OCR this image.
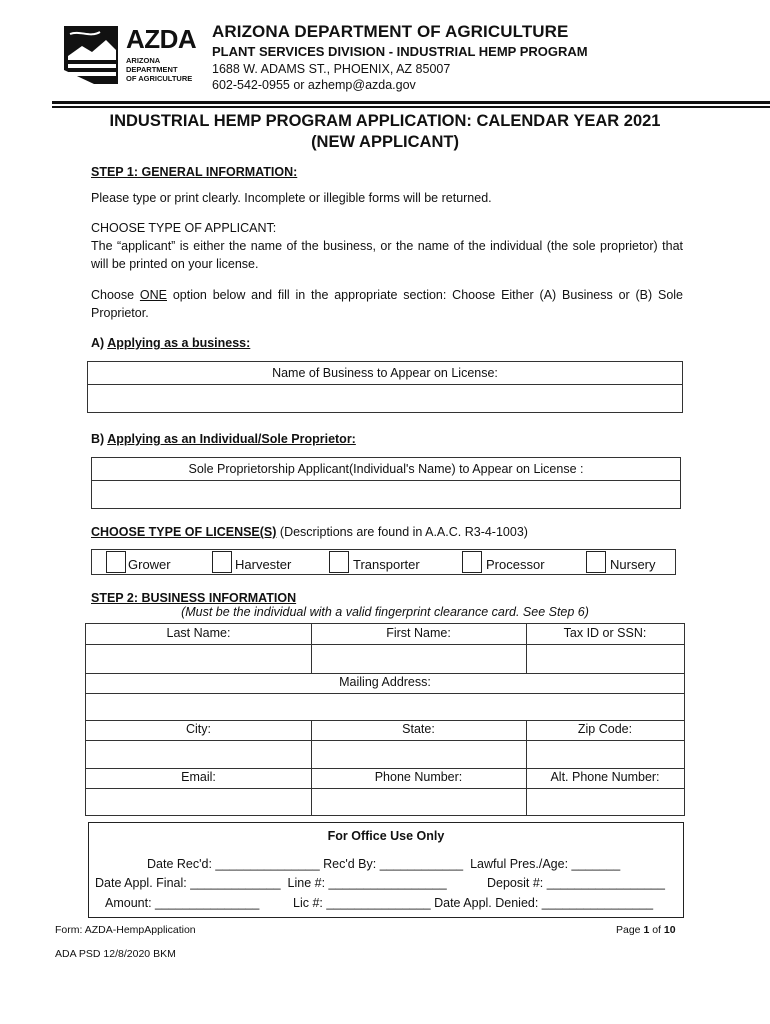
AZDA
ARIZONA
DEPARTMENT
OF AGRICULTURE
ARIZONA DEPARTMENT OF AGRICULTURE
PLANT SERVICES DIVISION - INDUSTRIAL HEMP PROGRAM
1688 W. ADAMS ST., PHOENIX, AZ 85007
602-542-0955 or azhemp@azda.gov
INDUSTRIAL HEMP PROGRAM APPLICATION: CALENDAR YEAR 2021
(NEW APPLICANT)
STEP 1: GENERAL INFORMATION:
Please type or print clearly. Incomplete or illegible forms will be returned.
CHOOSE TYPE OF APPLICANT:
The “applicant” is either the name of the business, or the name of the individual (the sole proprietor) that will be printed on your license.
Choose ONE option below and fill in the appropriate section: Choose Either (A) Business or (B) Sole Proprietor.
A) Applying as a business:
Name of Business to Appear on License:
B) Applying as an Individual/Sole Proprietor:
Sole Proprietorship Applicant(Individual's Name) to Appear on License :
CHOOSE TYPE OF LICENSE(S) (Descriptions are found in A.A.C. R3-4-1003)
Grower	Harvester	Transporter	Processor	Nursery
STEP 2: BUSINESS INFORMATION
(Must be the individual with a valid fingerprint clearance card. See Step 6)
Last Name:	First Name:	Tax ID or SSN:
Mailing Address:
City:	State:	Zip Code:
Email:	Phone Number:	Alt. Phone Number:
For Office Use Only
Date Rec'd: _______________ Rec'd By: ____________  Lawful Pres./Age: _______
Date Appl. Final: _____________  Line #: _________________	Deposit #: _________________
Amount: _______________	Lic #: _______________ Date Appl. Denied: ________________
Form: AZDA-HempApplication	Page 1 of 10
ADA PSD 12/8/2020 BKM
